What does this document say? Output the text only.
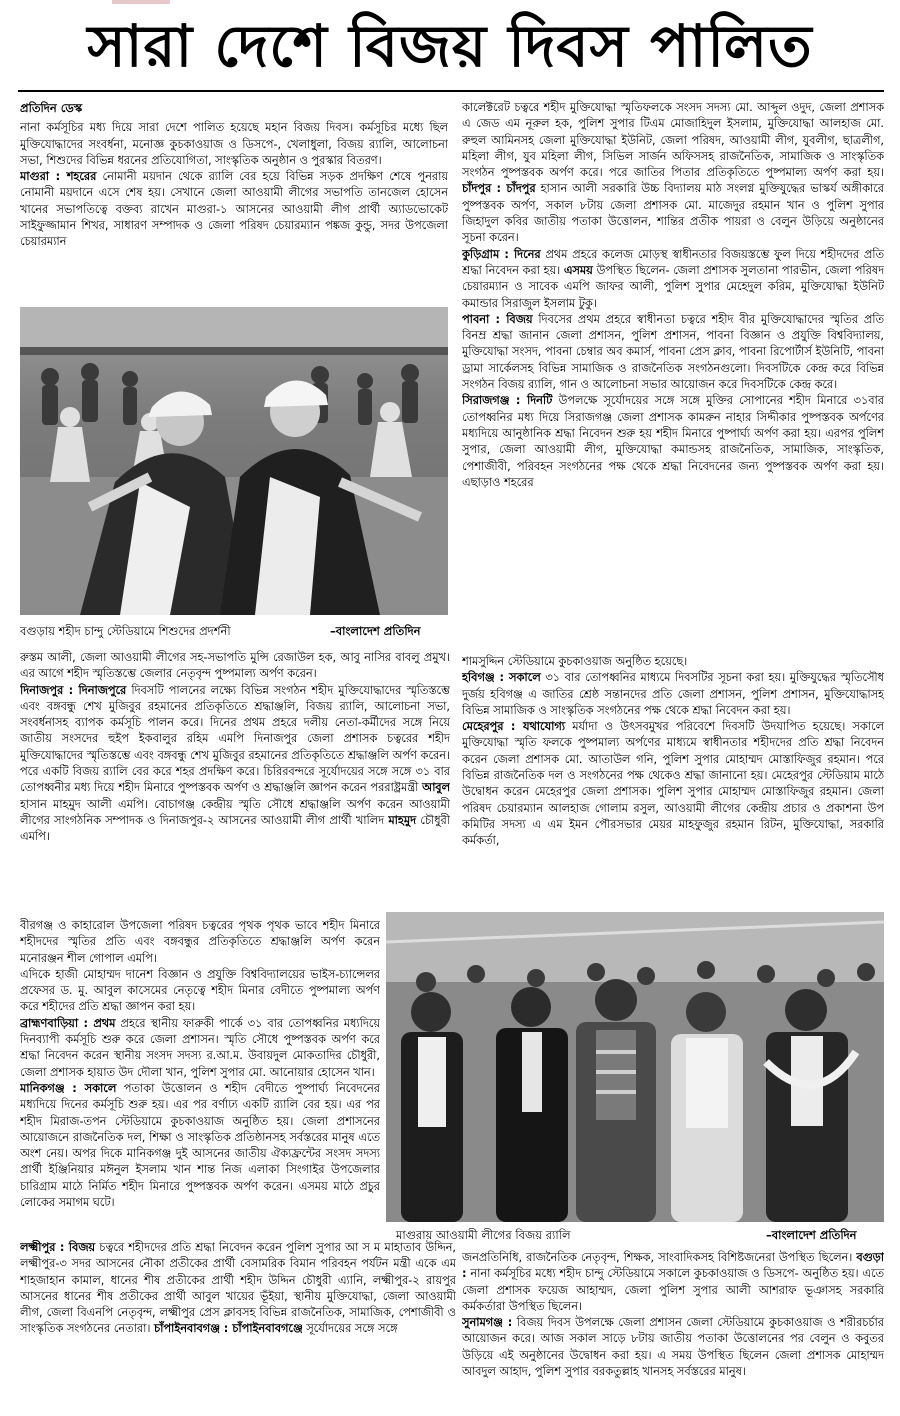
সারা দেশে বিজয় দিবস পালিত
প্রতিদিন ডেস্ক

নানা কর্মসূচির মধ্য দিয়ে সারা দেশে পালিত হয়েছে মহান বিজয় দিবস। কর্মসূচির মধ্যে ছিল মুক্তিযোদ্ধাদের সংবর্ধনা, মনোজ্ঞ কুচকাওয়াজ ও ডিসপে-, খেলাধুলা, বিজয় র‌্যালি, আলোচনা সভা, শিশুদের বিভিন্ন ধরনের প্রতিযোগিতা, সাংস্কৃতিক অনুষ্ঠান ও পুরস্কার বিতরণ।

মাগুরা : শহরের নোমানী ময়দান থেকে র‌্যালি বের হয়ে বিভিন্ন সড়ক প্রদক্ষিণ শেষে পুনরায় নোমানী ময়দানে এসে শেষ হয়। সেখানে জেলা আওয়ামী লীগের সভাপতি তানজেল হোসেন খানের সভাপতিত্বে বক্তব্য রাখেন মাগুরা-১ আসনের আওয়ামী লীগ প্রার্থী অ্যাডভোকেট সাইফুজ্জামান শিখর, সাধারণ সম্পাদক ও জেলা পরিষদ চেয়ারম্যান পঙ্কজ কুন্ডু, সদর উপজেলা চেয়ারম্যান

বগুড়ায় শহীদ চান্দু স্টেডিয়ামে শিশুদের প্রদর্শনী	–বাংলাদেশ প্রতিদিন

রুস্তম আলী, জেলা আওয়ামী লীগের সহ-সভাপতি মুন্সি রেজাউল হক, আবু নাসির বাবলু প্রমুখ। এর আগে শহীদ স্মৃতিস্তম্ভে জেলার নেতৃবৃন্দ পুষ্পমাল্য অর্পণ করেন।

দিনাজপুর : দিনাজপুরে দিবসটি পালনের লক্ষ্যে বিভিন্ন সংগঠন শহীদ মুক্তিযোদ্ধাদের স্মৃতিস্তম্ভে এবং বঙ্গবন্ধু শেখ মুজিবুর রহমানের প্রতিকৃতিতে শ্রদ্ধাঞ্জলি, বিজয় র‌্যালি, আলোচনা সভা, সংবর্ধনাসহ ব্যাপক কর্মসূচি পালন করে। দিনের প্রথম প্রহরে দলীয় নেতা-কর্মীদের সঙ্গে নিয়ে জাতীয় সংসদের হুইপ ইকবালুর রহিম এমপি দিনাজপুর জেলা প্রশাসক চত্বরের শহীদ মুক্তিযোদ্ধাদের স্মৃতিস্তম্ভে এবং বঙ্গবন্ধু শেখ মুজিবুর রহমানের প্রতিকৃতিতে শ্রদ্ধাঞ্জলি অর্পণ করেন। পরে একটি বিজয় র‌্যালি বের করে শহর প্রদক্ষিণ করে। চিরিরবন্দরে সূর্যোদয়ের সঙ্গে সঙ্গে ৩১ বার তোপধ্বনীর মধ্য দিয়ে শহীদ মিনারে পুষ্পস্তবক অর্পণ ও শ্রদ্ধাঞ্জলি জ্ঞাপন করেন পররাষ্ট্রমন্ত্রী আবুল হাসান মাহমুদ আলী এমপি। বোচাগঞ্জ কেন্দ্রীয় স্মৃতি সৌধে শ্রদ্ধাঞ্জলি অর্পণ করেন আওয়ামী লীগের সাংগঠনিক সম্পাদক ও দিনাজপুর-২ আসনের আওয়ামী লীগ প্রার্থী খালিদ মাহমুদ চৌধুরী এমপি।

বীরগঞ্জ ও কাহারোল উপজেলা পরিষদ চত্বরের পৃথক পৃথক ভাবে শহীদ মিনারে শহীদদের স্মৃতির প্রতি এবং বঙ্গবন্ধুর প্রতিকৃতিতে শ্রদ্ধাঞ্জলি অর্পণ করেন মনোরঞ্জন শীল গোপাল এমপি।

এদিকে হাজী মোহাম্মদ দানেশ বিজ্ঞান ও প্রযুক্তি বিশ্ববিদ্যালয়ের ভাইস-চ্যান্সেলর প্রফেসর ড. মু. আবুল কাসেমের নেতৃত্বে শহীদ মিনার বেদীতে পুষ্পমাল্য অর্পণ করে শহীদের প্রতি শ্রদ্ধা জ্ঞাপন করা হয়।

ব্রাহ্মণবাড়িয়া : প্রথম প্রহরে স্থানীয় ফারুকী পার্কে ৩১ বার তোপধ্বনির মধ্যদিয়ে দিনব্যাপী কর্মসূচি শুরু করে জেলা প্রশাসন। স্মৃতি সৌধে পুষ্পস্তবক অর্পণ করে শ্রদ্ধা নিবেদন করেন স্থানীয় সংসদ সদস্য র.আ.ম. উবায়দুল মোকতাদির চৌধুরী, জেলা প্রশাসক হায়াত উদ দৌলা খান, পুলিশ সুপার মো. আনোয়ার হোসেন খান।

মানিকগঞ্জ : সকালে পতাকা উত্তোলন ও শহীদ বেদীতে পুষ্পার্ঘ্য নিবেদনের মধ্যদিয়ে দিনের কর্মসূচি শুরু হয়। এর পর বর্ণাঢ্য একটি র‌্যালি বের হয়। এর পর শহীদ মিরাজ-তপন স্টেডিয়ামে কুচকাওয়াজ অনুষ্ঠিত হয়। জেলা প্রশাসনের আয়োজনে রাজনৈতিক দল, শিক্ষা ও সাংস্কৃতিক প্রতিষ্ঠানসহ সর্বস্তরের মানুষ এতে অংশ নেয়। অপর দিকে মানিকগঞ্জ দুই আসনের জাতীয় ঐক্যফ্রন্টের সংসদ সদস্য প্রার্থী ইঞ্জিনিয়ার মঈনুল ইসলাম খান শান্ত নিজ এলাকা সিংগাইর উপজেলার চারিগ্রাম মাঠে নির্মিত শহীদ মিনারে পুষ্পস্তবক অর্পণ করেন। এসময় মাঠে প্রচুর লোকের সমাগম ঘটে।

লক্ষ্মীপুর : বিজয় চত্বরে শহীদদের প্রতি শ্রদ্ধা নিবেদন করেন পুলিশ সুপার আ স ম মাহাতাব উদ্দিন, লক্ষ্মীপুর-৩ সদর আসনের নৌকা প্রতীকের প্রার্থী বেসামরিক বিমান পরিবহন পর্যটন মন্ত্রী একে এম শাহজাহান কামাল, ধানের শীষ প্রতীকের প্রার্থী শহীদ উদ্দিন চৌধুরী এ্যানি, লক্ষ্মীপুর-২ রায়পুর আসনের ধানের শীষ প্রতীকের প্রার্থী আবুল খায়ের ভূঁইয়া, স্থানীয় মুক্তিযোদ্ধা, জেলা আওয়ামী লীগ, জেলা বিএনপি নেতৃবৃন্দ, লক্ষ্মীপুর প্রেস ক্লাবসহ বিভিন্ন রাজনৈতিক, সামাজিক, পেশাজীবী ও সাংস্কৃতিক সংগঠনের নেতারা। চাঁপাইনবাবগঞ্জ : চাঁপাইনবাবগঞ্জে সূর্যোদয়ের সঙ্গে সঙ্গে

কালেক্টরেট চত্বরে শহীদ মুক্তিযোদ্ধা স্মৃতিফলকে সংসদ সদস্য মো. আব্দুল ওদুদ, জেলা প্রশাসক এ জেড এম নূরুল হক, পুলিশ সুপার টিএম মোজাহিদুল ইসলাম, মুক্তিযোদ্ধা আলহাজ মো. রুহুল আমিনসহ জেলা মুক্তিযোদ্ধা ইউনিট, জেলা পরিষদ, আওয়ামী লীগ, যুবলীগ, ছাত্রলীগ, মহিলা লীগ, যুব মহিলা লীগ, সিভিল সার্জন অফিসসহ রাজনৈতিক, সামাজিক ও সাংস্কৃতিক সংগঠন পুষ্পস্তবক অর্পণ করে। পরে জাতির পিতার প্রতিকৃতিতে পুষ্পমাল্য অর্পণ করা হয়। চাঁদপুর : চাঁদপুর হাসান আলী সরকারি উচ্চ বিদ্যালয় মাঠ সংলগ্ন মুক্তিযুদ্ধের ভাস্কর্য অঙ্গীকারে পুষ্পস্তবক অর্পণ, সকাল ৮টায় জেলা প্রশাসক মো. মাজেদুর রহমান খান ও পুলিশ সুপার জিহাদুল কবির জাতীয় পতাকা উত্তোলন, শান্তির প্রতীক পায়রা ও বেলুন উড়িয়ে অনুষ্ঠানের সূচনা করেন।

কুড়িগ্রাম : দিনের প্রথম প্রহরে কলেজ মোড়স্থ স্বাধীনতার বিজয়স্তম্ভে ফুল দিয়ে শহীদদের প্রতি শ্রদ্ধা নিবেদন করা হয়। এসময় উপস্থিত ছিলেন- জেলা প্রশাসক সুলতানা পারভীন, জেলা পরিষদ চেয়ারম্যান ও সাবেক এমপি জাফর আলী, পুলিশ সুপার মেহেদুল করিম, মুক্তিযোদ্ধা ইউনিট কমান্ডার সিরাজুল ইসলাম টুকু।

পাবনা : বিজয় দিবসের প্রথম প্রহরে স্বাধীনতা চত্বরে শহীদ বীর মুক্তিযোদ্ধাদের স্মৃতির প্রতি বিনম্র শ্রদ্ধা জানান জেলা প্রশাসন, পুলিশ প্রশাসন, পাবনা বিজ্ঞান ও প্রযুক্তি বিশ্ববিদ্যালয়, মুক্তিযোদ্ধা সংসদ, পাবনা চেম্বার অব কমার্স, পাবনা প্রেস ক্লাব, পাবনা রিপোর্টার্স ইউনিটি, পাবনা ড্রামা সার্কেলসহ বিভিন্ন সামাজিক ও রাজনৈতিক সংগঠনগুলো। দিবসটিকে কেন্দ্র করে বিভিন্ন সংগঠন বিজয় র‌্যালি, গান ও আলোচনা সভার আয়োজন করে দিবসটিকে কেন্দ্র করে।

সিরাজগঞ্জ : দিনটি উপলক্ষে সূর্যোদয়ের সঙ্গে সঙ্গে মুক্তির সোপানের শহীদ মিনারে ৩১বার তোপধ্বনির মধ্য দিয়ে সিরাজগঞ্জ জেলা প্রশাসক কামরুন নাহার সিদ্দীকার পুষ্পস্তবক অর্পণের মধ্যদিয়ে আনুষ্ঠানিক শ্রদ্ধা নিবেদন শুরু হয় শহীদ মিনারে পুষ্পার্ঘ্য অর্পণ করা হয়। এরপর পুলিশ সুপার, জেলা আওয়ামী লীগ, মুক্তিযোদ্ধা কমান্ডসহ রাজনৈতিক, সামাজিক, সাংস্কৃতিক, পেশাজীবী, পরিবহন সংগঠনের পক্ষ থেকে শ্রদ্ধা নিবেদনের জন্য পুষ্পস্তবক অর্পণ করা হয়। এছাড়াও শহরের

শামসুদ্দিন স্টেডিয়ামে কুচকাওয়াজ অনুষ্ঠিত হয়েছে।

হবিগঞ্জ : সকালে ৩১ বার তোপধ্বনির মাধ্যমে দিবসটির সূচনা করা হয়। মুক্তিযুদ্ধের স্মৃতিসৌধ দুর্জয় হবিগঞ্জ এ জাতির শ্রেষ্ঠ সন্তানদের প্রতি জেলা প্রশাসন, পুলিশ প্রশাসন, মুক্তিযোদ্ধাসহ বিভিন্ন সামাজিক ও সাংস্কৃতিক সংগঠনের পক্ষ থেকে শ্রদ্ধা নিবেদন করা হয়।

মেহেরপুর : যথাযোগ্য মর্যাদা ও উৎসবমুখর পরিবেশে দিবসটি উদযাপিত হয়েছে। সকালে মুক্তিযোদ্ধা স্মৃতি ফলকে পুষ্পমাল্য অর্পণের মাধ্যমে স্বাধীনতার শহীদদের প্রতি শ্রদ্ধা নিবেদন করেন জেলা প্রশাসক মো. আতাউল গনি, পুলিশ সুপার মোহাম্মদ মোস্তাফিজুর রহমান। পরে বিভিন্ন রাজনৈতিক দল ও সংগঠনের পক্ষ থেকেও শ্রদ্ধা জানানো হয়। মেহেরপুর স্টেডিয়াম মাঠে উদ্বোধন করেন মেহেরপুর জেলা প্রশাসক। পুলিশ সুপার মোহাম্মদ মোস্তাফিজুর রহমান। জেলা পরিষদ চেয়ারম্যান আলহাজ গোলাম রসুল, আওয়ামী লীগের কেন্দ্রীয় প্রচার ও প্রকাশনা উপ কমিটির সদস্য এ এম ইমন পৌরসভার মেয়র মাহফুজুর রহমান রিটন, মুক্তিযোদ্ধা, সরকারি কর্মকর্তা,

মাগুরায় আওয়ামী লীগের বিজয় র‌্যালি	–বাংলাদেশ প্রতিদিন

জনপ্রতিনিধি, রাজনৈতিক নেতৃবৃন্দ, শিক্ষক, সাংবাদিকসহ বিশিষ্টজনেরা উপস্থিত ছিলেন। বগুড়া : নানা কর্মসূচির মধ্যে শহীদ চান্দু স্টেডিয়ামে সকালে কুচকাওয়াজ ও ডিসপে- অনুষ্ঠিত হয়। এতে জেলা প্রশাসক ফয়েজ আহাম্মদ, জেলা পুলিশ সুপার আলী আশরাফ ভূঞাসহ সরকারি কর্মকর্তারা উপস্থিত ছিলেন।

সুনামগঞ্জ : বিজয় দিবস উপলক্ষে জেলা প্রশাসন জেলা স্টেডিয়ামে কুচকাওয়াজ ও শরীরচর্চার আয়োজন করে। আজ সকাল সাড়ে ৮টায় জাতীয় পতাকা উত্তোলনের পর বেলুন ও কবুতর উড়িয়ে এই অনুষ্ঠানের উদ্বোধন করা হয়। এ সময় উপস্থিত ছিলেন জেলা প্রশাসক মোহাম্মদ আবদুল আহাদ, পুলিশ সুপার বরকতুল্লাহ খানসহ সর্বস্তরের মানুষ।
